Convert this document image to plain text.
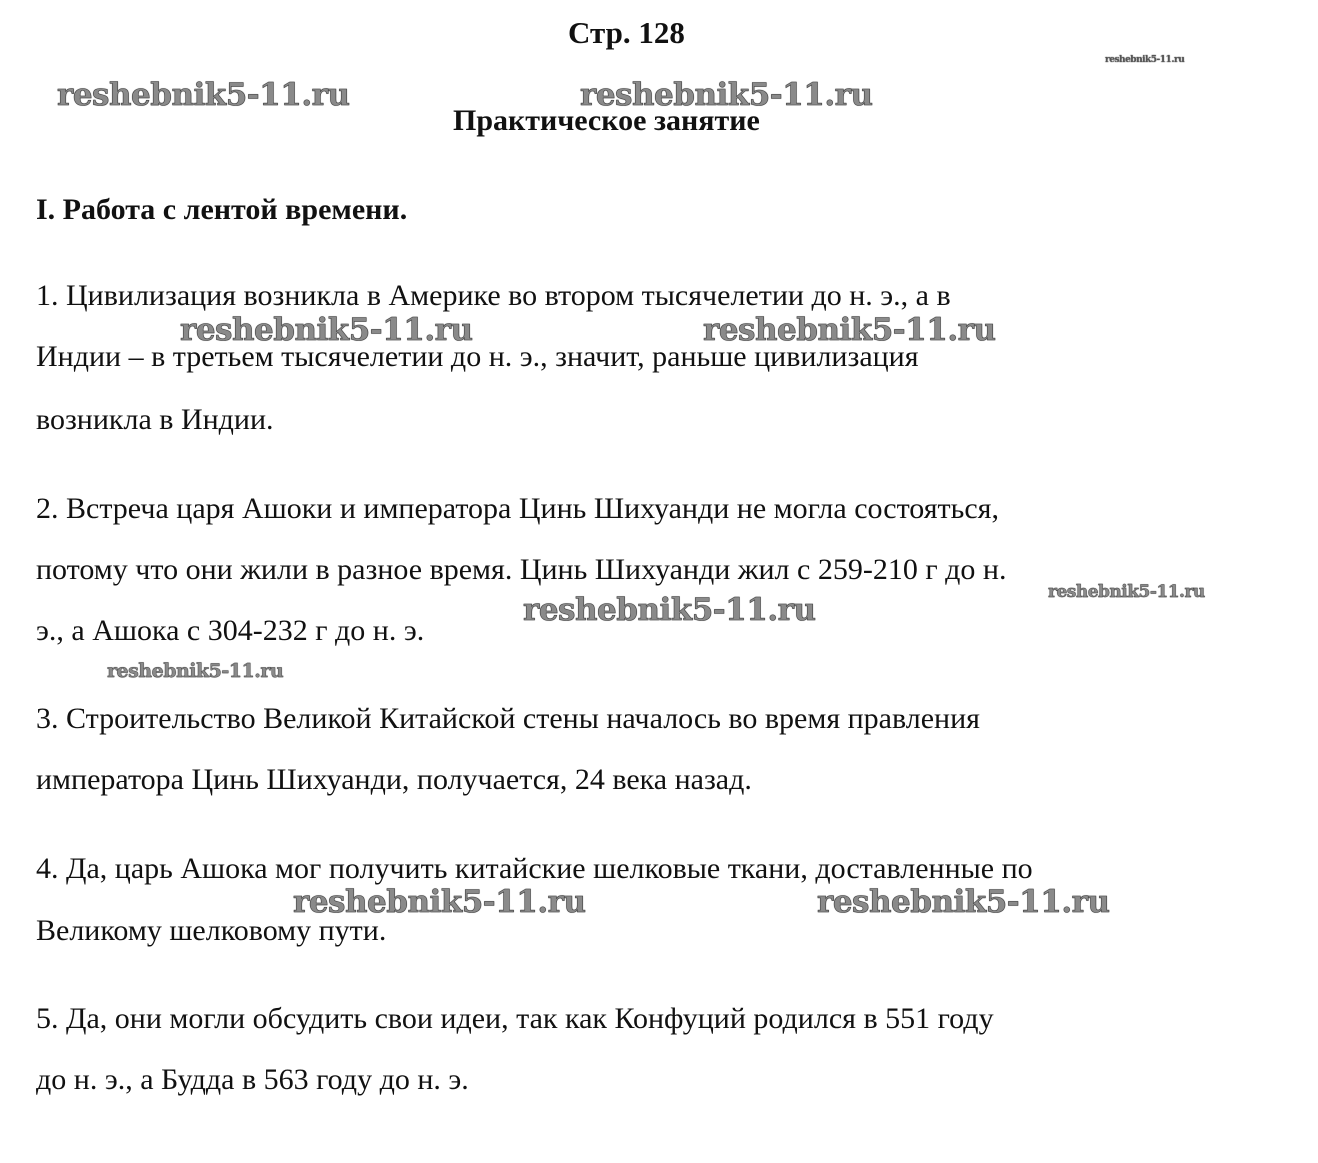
Стр. 128
Практическое занятие
I. Работа с лентой времени.
1. Цивилизация возникла в Америке во втором тысячелетии до н. э., а в
Индии – в третьем тысячелетии до н. э., значит, раньше цивилизация
возникла в Индии.
2. Встреча царя Ашоки и императора Цинь Шихуанди не могла состояться,
потому что они жили в разное время. Цинь Шихуанди жил с 259-210 г до н.
э., а Ашока с 304-232 г до н. э.
3. Строительство Великой Китайской стены началось во время правления
императора Цинь Шихуанди, получается, 24 века назад.
4. Да, царь Ашока мог получить китайские шелковые ткани, доставленные по
Великому шелковому пути.
5. Да, они могли обсудить свои идеи, так как Конфуций родился в 551 году
до н. э., а Будда в 563 году до н. э.
reshebnik5-11.ru	reshebnik5-11.ru
reshebnik5-11.ru
reshebnik5-11.ru	reshebnik5-11.ru
reshebnik5-11.ru
reshebnik5-11.ru
reshebnik5-11.ru
reshebnik5-11.ru	reshebnik5-11.ru
